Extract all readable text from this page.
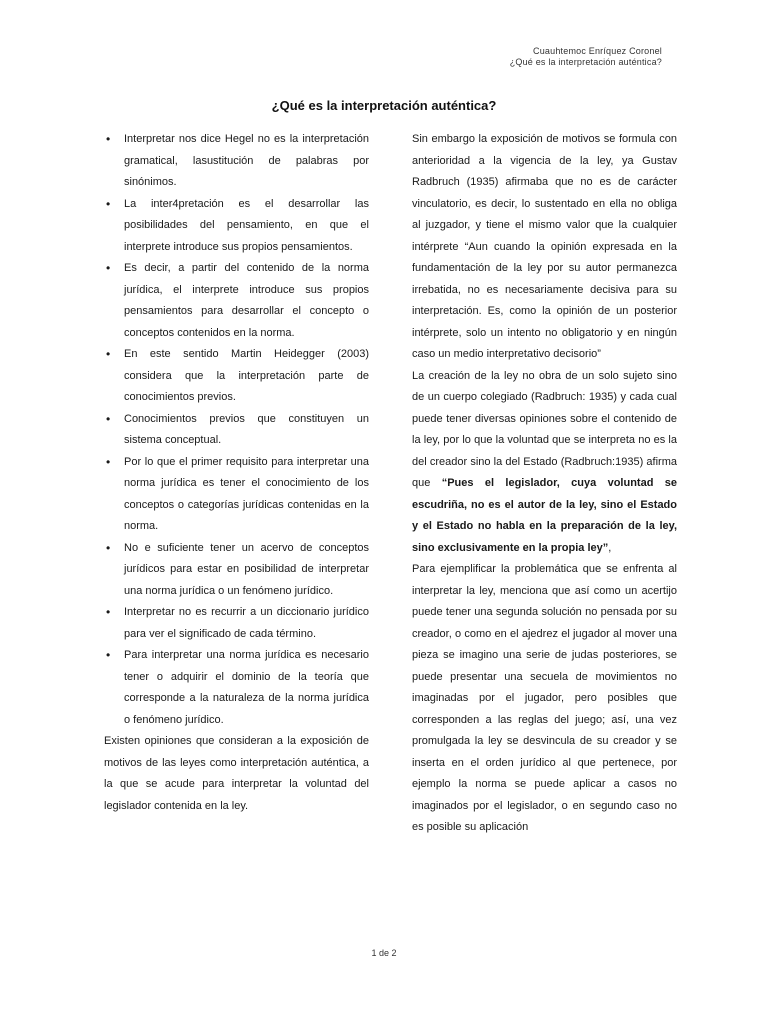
Cuauhtemoc Enríquez Coronel
¿Qué es la interpretación auténtica?
¿Qué es la interpretación auténtica?
• Interpretar nos dice Hegel no es la interpretación gramatical, lasustitución de palabras por sinónimos.
• La inter4pretación es el desarrollar las posibilidades del pensamiento, en que el interprete introduce sus propios pensamientos.
• Es decir, a partir del contenido de la norma jurídica, el interprete introduce sus propios pensamientos para desarrollar el concepto o conceptos contenidos en la norma.
• En este sentido Martin Heidegger (2003) considera que la interpretación parte de conocimientos previos.
• Conocimientos previos que constituyen un sistema conceptual.
• Por lo que el primer requisito para interpretar una norma jurídica es tener el conocimiento de los conceptos o categorías jurídicas contenidas en la norma.
• No e suficiente tener un acervo de conceptos jurídicos para estar en posibilidad de interpretar una norma jurídica o un fenómeno jurídico.
• Interpretar no es recurrir a un diccionario jurídico para ver el significado de cada término.
• Para interpretar una norma jurídica es necesario tener o adquirir el dominio de la teoría que corresponde a la naturaleza de la norma jurídica o fenómeno jurídico.

Existen opiniones que consideran a la exposición de motivos de las leyes como interpretación auténtica, a la que se acude para interpretar la voluntad del legislador contenida en la ley.

Sin embargo la exposición de motivos se formula con anterioridad a la vigencia de la ley, ya Gustav Radbruch (1935) afirmaba que no es de carácter vinculatorio, es decir, lo sustentado en ella no obliga al juzgador, y tiene el mismo valor que la cualquier intérprete “Aun cuando la opinión expresada en la fundamentación de la ley por su autor permanezca irrebatida, no es necesariamente decisiva para su interpretación. Es, como la opinión de un posterior intérprete, solo un intento no obligatorio y en ningún caso un medio interpretativo decisorio”

La creación de la ley no obra de un solo sujeto sino de un cuerpo colegiado (Radbruch: 1935) y cada cual puede tener diversas opiniones sobre el contenido de la ley, por lo que la voluntad que se interpreta no es la del creador sino la del Estado (Radbruch:1935) afirma que “Pues el legislador, cuya voluntad se escudriña, no es el autor de la ley, sino el Estado y el Estado no habla en la preparación de la ley, sino exclusivamente en la propia ley”,

Para ejemplificar la problemática que se enfrenta al interpretar la ley, menciona que así como un acertijo puede tener una segunda solución no pensada por su creador, o como en el ajedrez el jugador al mover una pieza se imagino una serie de judas posteriores, se puede presentar una secuela de movimientos no imaginadas por el jugador, pero posibles que corresponden a las reglas del juego; así, una vez promulgada la ley se desvincula de su creador y se inserta en el orden jurídico al que pertenece, por ejemplo la norma se puede aplicar a casos no imaginados por el legislador, o en segundo caso no es posible su aplicación

1 de 2
